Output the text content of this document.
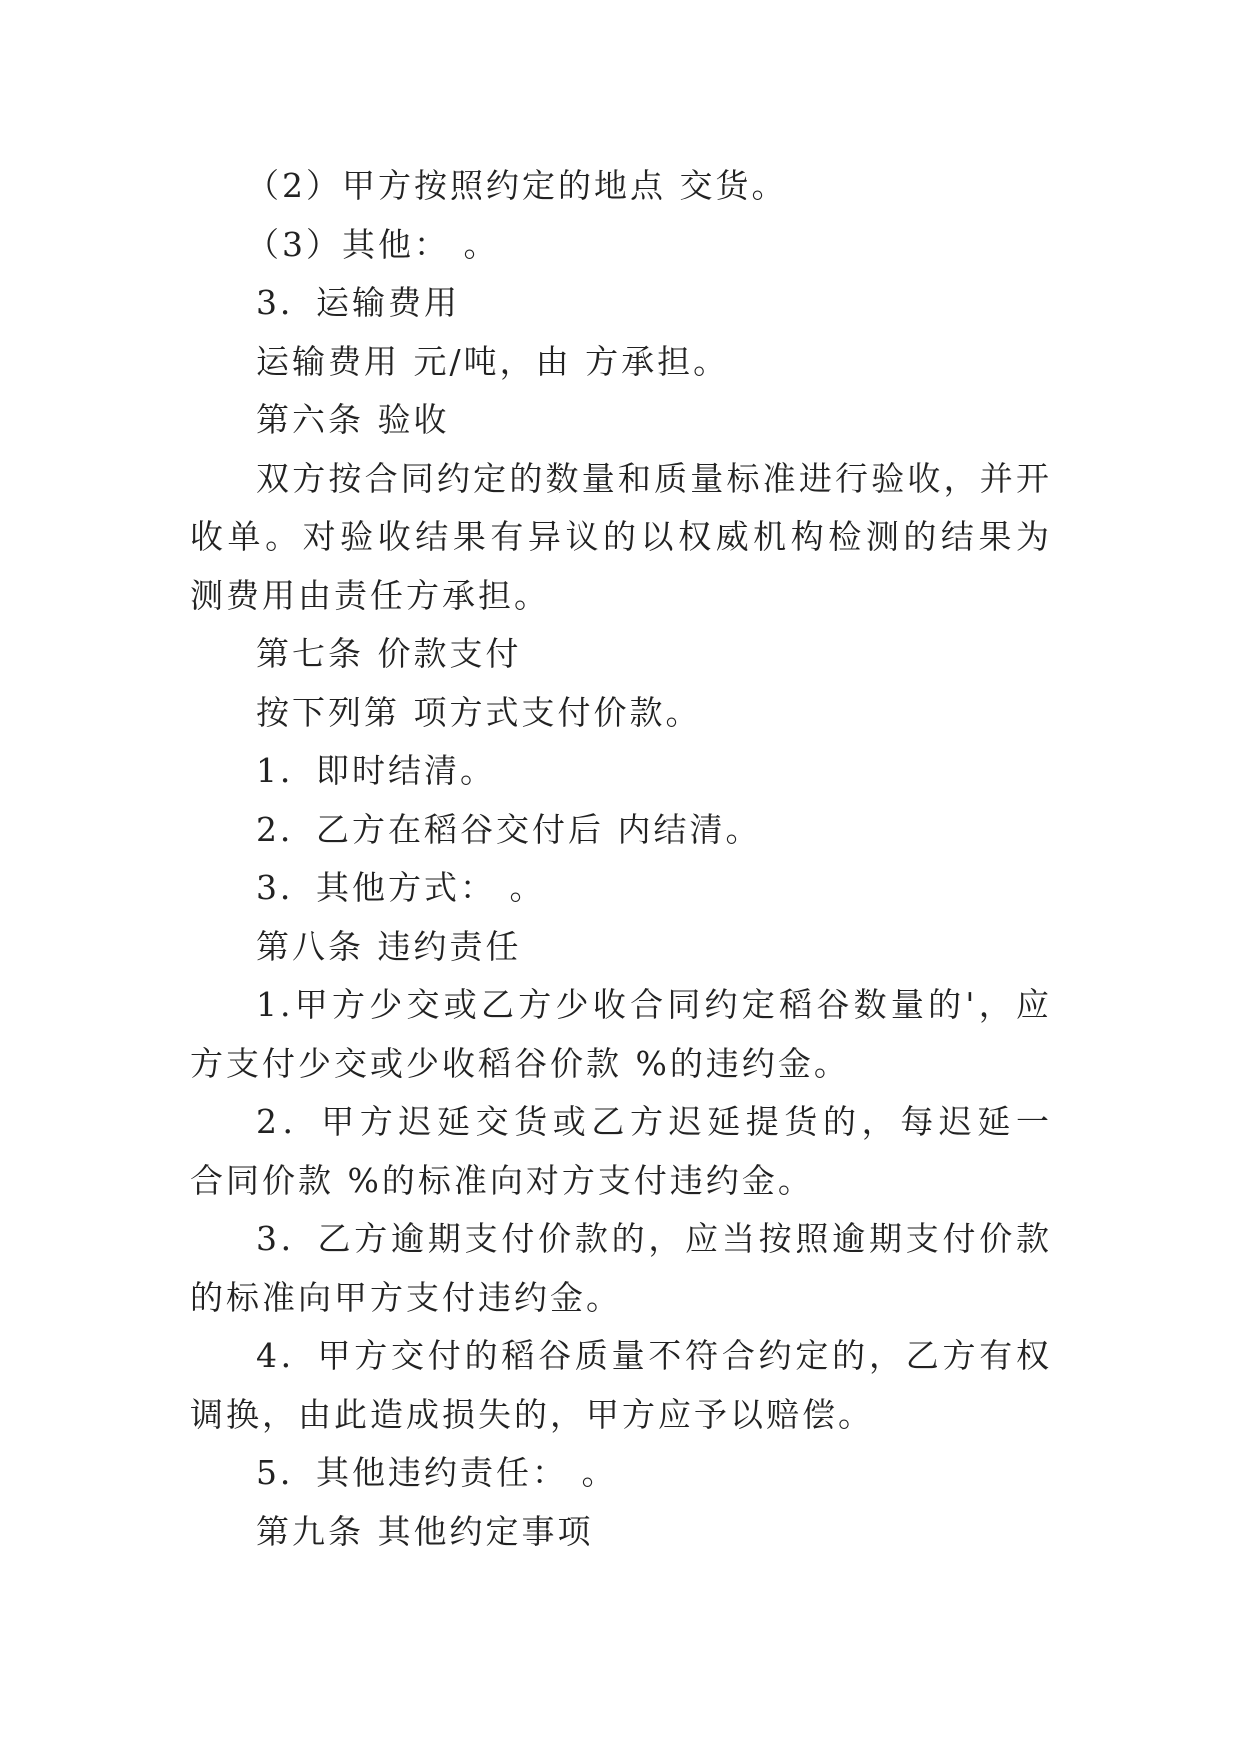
（2）甲方按照约定的地点 交货。
（3）其他： 。
3．运输费用
运输费用 元/吨，由 方承担。
第六条 验收
双方按合同约定的数量和质量标准进行验收，并开
收单。对验收结果有异议的以权威机构检测的结果为
测费用由责任方承担。
第七条 价款支付
按下列第 项方式支付价款。
1．即时结清。
2．乙方在稻谷交付后 内结清。
3．其他方式： 。
第八条 违约责任
1.甲方少交或乙方少收合同约定稻谷数量的'，应
方支付少交或少收稻谷价款 %的违约金。
2．甲方迟延交货或乙方迟延提货的，每迟延一
合同价款 %的标准向对方支付违约金。
3．乙方逾期支付价款的，应当按照逾期支付价款
的标准向甲方支付违约金。
4．甲方交付的稻谷质量不符合约定的，乙方有权
调换，由此造成损失的，甲方应予以赔偿。
5．其他违约责任： 。
第九条 其他约定事项
